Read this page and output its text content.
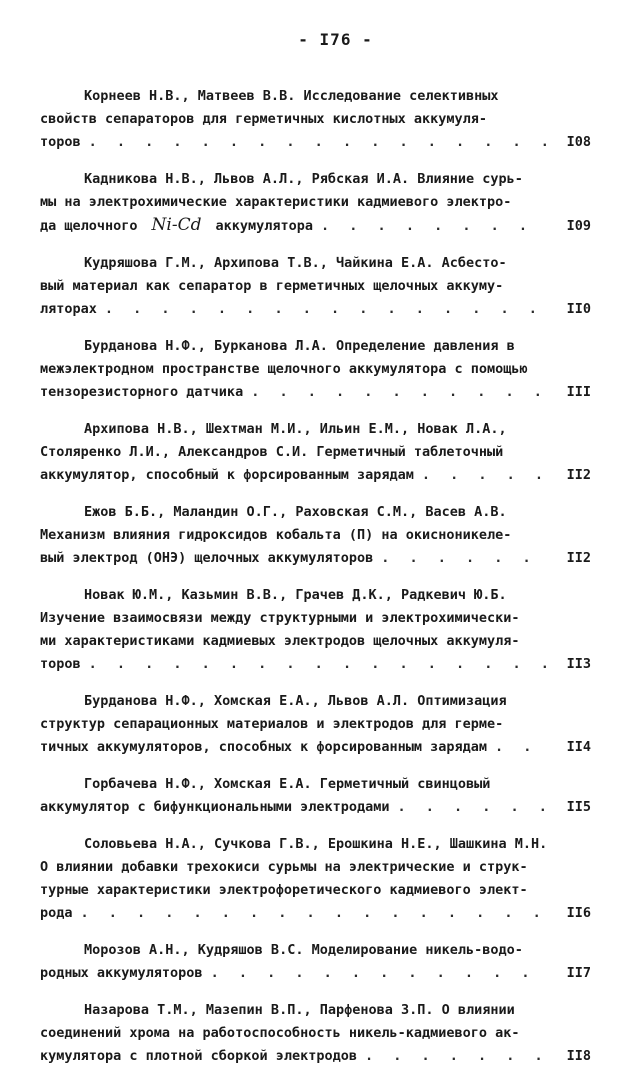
- I76 -
Корнеев Н.В., Матвеев В.В. Исследование селективных
свойств сепараторов для герметичных кислотных аккумуля-
торов . . .	I08
Кадникова Н.В., Львов А.Л., Рябская И.А. Влияние сурь-
мы на электрохимические характеристики кадмиевого электро-
да щелочного Ni-Cd аккумулятора . . .	I09
Кудряшова Г.М., Архипова Т.В., Чайкина Е.А. Асбесто-
вый материал как сепаратор в герметичных щелочных аккуму-
ляторах . . .	II0
Бурданова Н.Ф., Бурканова Л.А. Определение давления в
межэлектродном пространстве щелочного аккумулятора с помощью
тензорезисторного датчика . . .	III
Архипова Н.В., Шехтман М.И., Ильин Е.М., Новак Л.А.,
Столяренко Л.И., Александров С.И. Герметичный таблеточный
аккумулятор, способный к форсированным зарядам . . .	II2
Ежов Б.Б., Маландин О.Г., Раховская С.М., Васев А.В.
Механизм влияния гидроксидов кобальта (П) на окисноникеле-
вый электрод (ОНЭ) щелочных аккумуляторов . . .	II2
Новак Ю.М., Казьмин В.В., Грачев Д.К., Радкевич Ю.Б.
Изучение взаимосвязи между структурными и электрохимически-
ми характеристиками кадмиевых электродов щелочных аккумуля-
торов . . .	II3
Бурданова Н.Ф., Хомская Е.А., Львов А.Л. Оптимизация
структур сепарационных материалов и электродов для герме-
тичных аккумуляторов, способных к форсированным зарядам . . .	II4
Горбачева Н.Ф., Хомская Е.А. Герметичный свинцовый
аккумулятор с бифункциональными электродами . . .	II5
Соловьева Н.А., Сучкова Г.В., Ерошкина Н.Е., Шашкина М.Н.
О влиянии добавки трехокиси сурьмы на электрические и струк-
турные характеристики электрофоретического кадмиевого элект-
рода . . .	II6
Морозов А.Н., Кудряшов В.С. Моделирование никель-водо-
родных аккумуляторов . . .	II7
Назарова Т.М., Мазепин В.П., Парфенова З.П. О влиянии
соединений хрома на работоспособность никель-кадмиевого ак-
кумулятора с плотной сборкой электродов . . .	II8
